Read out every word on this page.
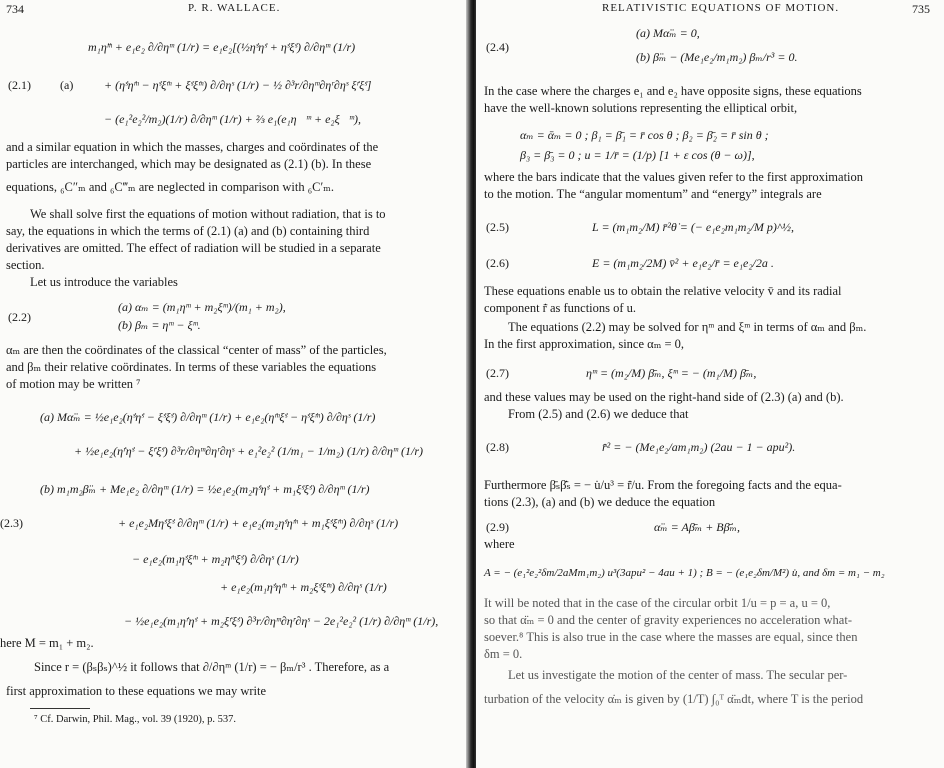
734	P. R. WALLACE.
m₁η̈ᵐ + e₁e₂ ∂/∂ηᵐ (1/r) = e₁e₂[(½η̇ˢη̇ˢ + η̇ˢξ̇ˢ) ∂/∂ηᵐ (1/r)
(2.1) (a)	+ (η̇ˢη̇ᵐ − η̇ˢξ̇ᵐ + ξ̇ˢξ̇ᵐ) ∂/∂ηˢ (1/r) − ½ ∂³r/∂ηᵐ∂ηʳ∂ηˢ ξ̇ʳξ̇ˢ]
− (e₁²e₂²/m₂)(1/r) ∂/∂ηᵐ (1/r) + ⅔ e₁(e₁η⃛ᵐ + e₂ξ⃛ᵐ),
and a similar equation in which the masses, charges and coördinates of the
particles are interchanged, which may be designated as (2.1) (b). In these
equations, ₆C″ₘ and ₆C‴ₘ are neglected in comparison with ₆C′ₘ.
We shall solve first the equations of motion without radiation, that is to
say, the equations in which the terms of (2.1) (a) and (b) containing third
derivatives are omitted. The effect of radiation will be studied in a separate
section.
Let us introduce the variables
(2.2)
(a) αₘ = (m₁ηᵐ + m₂ξᵐ)/(m₁ + m₂),
(b) βₘ = ηᵐ − ξᵐ.
αₘ are then the coördinates of the classical “center of mass” of the particles,
and βₘ their relative coördinates. In terms of these variables the equations
of motion may be written ⁷
(a) Mα̈ₘ = ½e₁e₂(η̇ˢη̇ˢ − ξ̇ˢξ̇ˢ) ∂/∂ηᵐ (1/r) + e₁e₂(η̇ᵐξ̇ˢ − η̇ˢξ̇ᵐ) ∂/∂ηˢ (1/r)
+ ½e₁e₂(η̇ʳη̇ˢ − ξ̇ʳξ̇ˢ) ∂³r/∂ηᵐ∂ηʳ∂ηˢ + e₁²e₂² (1/m₁ − 1/m₂) (1/r) ∂/∂ηᵐ (1/r)
(b) m₁m₂β̈ₘ + Me₁e₂ ∂/∂ηᵐ (1/r) = ½e₁e₂(m₂η̇ˢη̇ˢ + m₁ξ̇ˢξ̇ˢ) ∂/∂ηᵐ (1/r)
(2.3)	+ e₁e₂Mη̇ˢξ̇ˢ ∂/∂ηᵐ (1/r) + e₁e₂(m₂η̇ˢη̇ᵐ + m₁ξ̇ˢξ̇ᵐ) ∂/∂ηˢ (1/r)
− e₁e₂(m₁η̇ˢξ̇ᵐ + m₂η̇ᵐξ̇ˢ) ∂/∂ηˢ (1/r)
+ e₁e₂(m₁η̇ˢη̇ᵐ + m₂ξ̇ˢξ̇ᵐ) ∂/∂ηˢ (1/r)
− ½e₁e₂(m₁η̇ʳη̇ˢ + m₂ξ̇ʳξ̇ˢ) ∂³r/∂ηᵐ∂ηʳ∂ηˢ − 2e₁²e₂² (1/r) ∂/∂ηᵐ (1/r),
here M = m₁ + m₂.
Since r = (βₛβₛ)^½ it follows that ∂/∂ηᵐ (1/r) = − βₘ/r³ . Therefore, as a
first approximation to these equations we may write
⁷ Cf. Darwin, Phil. Mag., vol. 39 (1920), p. 537.
RELATIVISTIC EQUATIONS OF MOTION.	735
(2.4)
(a) Mα̈ₘ = 0,
(b) β̈ₘ − (Me₁e₂/m₁m₂) βₘ/r³ = 0.
In the case where the charges e₁ and e₂ have opposite signs, these equations
have the well-known solutions representing the elliptical orbit,
αₘ = ᾱₘ = 0 ; β₁ = β̄₁ = r̄ cos θ ; β₂ = β̄₂ = r̄ sin θ ;
β₃ = β̄₃ = 0 ; u = 1/r̄ = (1/p) [1 + ε cos (θ − ω)],
where the bars indicate that the values given refer to the first approximation
to the motion. The “angular momentum” and “energy” integrals are
(2.5)	L = (m₁m₂/M) r̄²θ̇ = (− e₁e₂m₁m₂/M p)^½,
(2.6)	E = (m₁m₂/2M) v̄² + e₁e₂/r̄ = e₁e₂/2a .
These equations enable us to obtain the relative velocity v̄ and its radial
component r̄̇ as functions of u.
The equations (2.2) may be solved for ηᵐ and ξᵐ in terms of αₘ and βₘ.
In the first approximation, since αₘ = 0,
(2.7)	ηᵐ = (m₂/M) β̄ₘ, ξᵐ = − (m₁/M) β̄ₘ,
and these values may be used on the right-hand side of (2.3) (a) and (b).
From (2.5) and (2.6) we deduce that
(2.8)	r̄̇² = − (Me₁e₂/am₁m₂) (2au − 1 − apu²).
Furthermore β̄ₛβ̄̇ₛ = − u̇/u³ = r̄̇/u. From the foregoing facts and the equa-
tions (2.3), (a) and (b) we deduce the equation
(2.9)	α̈ₘ = Aβ̄ₘ + Bβ̄̇ₘ,
where
A = − (e₁²e₂²δm/2aMm₁m₂) u³(3apu² − 4au + 1) ; B = − (e₁e₂δm/M²) u̇, and δm = m₁ − m₂
It will be noted that in the case of the circular orbit 1/u = p = a, u = 0,
so that α̈ₘ = 0 and the center of gravity experiences no acceleration what-
soever.⁸ This is also true in the case where the masses are equal, since then
δm = 0.
Let us investigate the motion of the center of mass. The secular per-
turbation of the velocity α̇ₘ is given by (1/T) ∫₀ᵀ α̈ₘdt, where T is the period
